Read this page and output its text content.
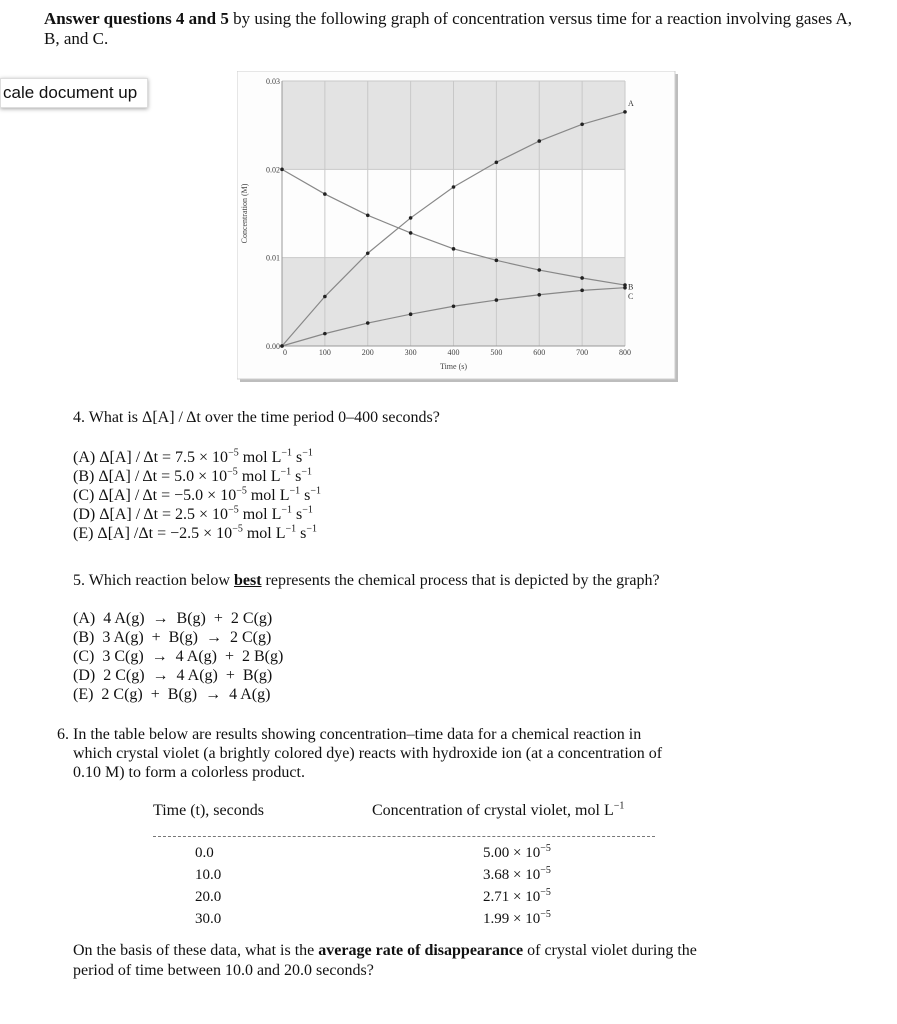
Answer questions 4 and 5 by using the following graph of concentration versus time for a reaction involving gases A, B, and C.
cale document up
0.00
0.01
0.02
0.03
0	100	200	300	400	500	600	700	800
Time (s)
Concentration (M)
A
B
C
4. What is Δ[A] / Δt over the time period 0–400 seconds?
(A) $\Delta[A] / \Delta t = 7.5 \times 10^{-5}$ mol $L^{-1}$ $s^{-1}$
(B) $\Delta[A] / \Delta t = 5.0 \times 10^{-5}$ mol $L^{-1}$ $s^{-1}$
(C) $\Delta[A] / \Delta t = -5.0 \times 10^{-5}$ mol $L^{-1}$ $s^{-1}$
(D) $\Delta[A] / \Delta t = 2.5 \times 10^{-5}$ mol $L^{-1}$ $s^{-1}$
(E) Δ[A] $/\Delta t = -2.5 \times 10^{-5}$ mol $L^{-1}$ $s^{-1}$
5. Which reaction below best represents the chemical process that is depicted by the graph?
(A)  4 A(g)  →  B(g)  +  2 C(g)
(B)  3 A(g)  +  B(g)  →  2 C(g)
(C)  3 C(g)  →  4 A(g)  +  2 B(g)
(D)  2 C(g)  →  4 A(g)  +  B(g)
(E)  2 C(g)  +  B(g)  →  4 A(g)
6. In the table below are results showing concentration–time data for a chemical reaction in
which crystal violet (a brightly colored dye) reacts with hydroxide ion (at a concentration of
0.10 M) to form a colorless product.
Time (t), seconds	Concentration of crystal violet, mol $L^{-1}$
0.0	$5.00 \times 10^{-5}$
10.0	$3.68 \times 10^{-5}$
20.0	$2.71 \times 10^{-5}$
30.0	$1.99 \times 10^{-5}$
On the basis of these data, what is the average rate of disappearance of crystal violet during the period of time between 10.0 and 20.0 seconds?
